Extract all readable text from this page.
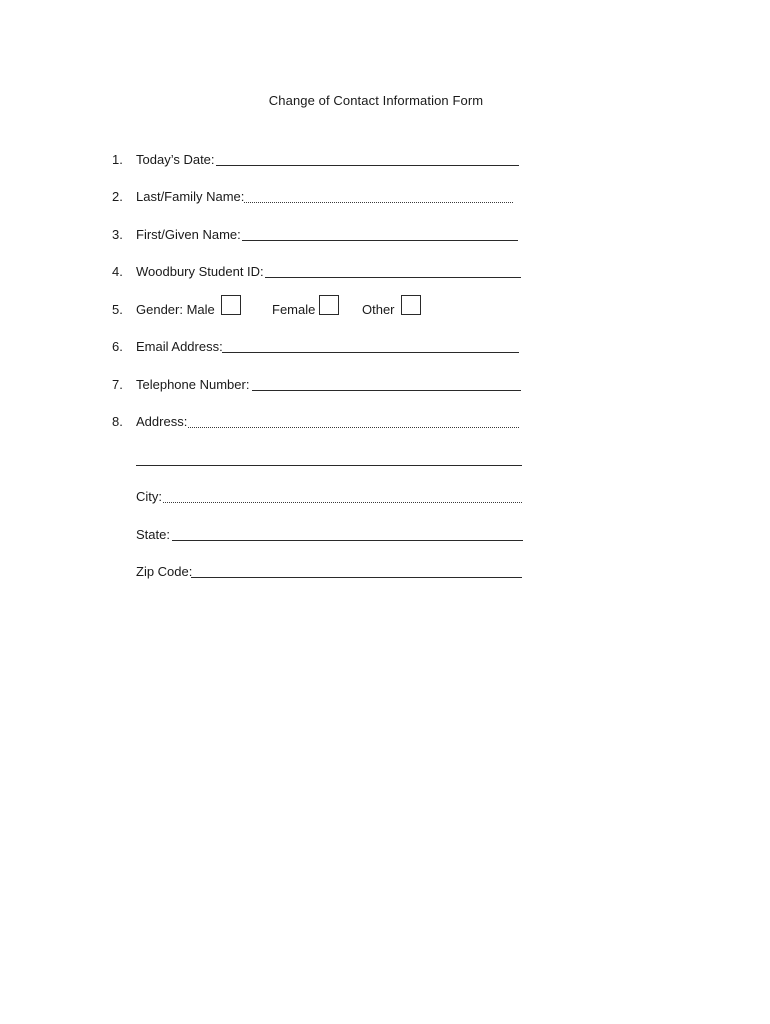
Change of Contact Information Form
1.	Today’s Date:
2.	Last/Family Name:
3.	First/Given Name:
4.	Woodbury Student ID:
5.	Gender: Male	Female	Other
6.	Email Address:
7.	Telephone Number:
8.	Address:
City:
State:
Zip Code:
